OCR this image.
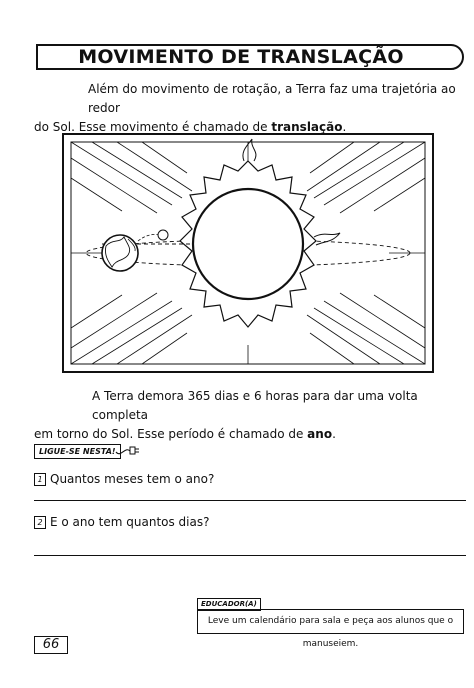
MOVIMENTO DE TRANSLAÇÃO
Além do movimento de rotação, a Terra faz uma trajetória ao redor
do Sol. Esse movimento é chamado de translação.
A Terra demora 365 dias e 6 horas para dar uma volta completa
em torno do Sol. Esse período é chamado de ano.
LIGUE-SE NESTA!
1 Quantos meses tem o ano?
2 E o ano tem quantos dias?
EDUCADOR(A)
Leve um calendário para sala e peça aos alunos que o manuseiem.
66
